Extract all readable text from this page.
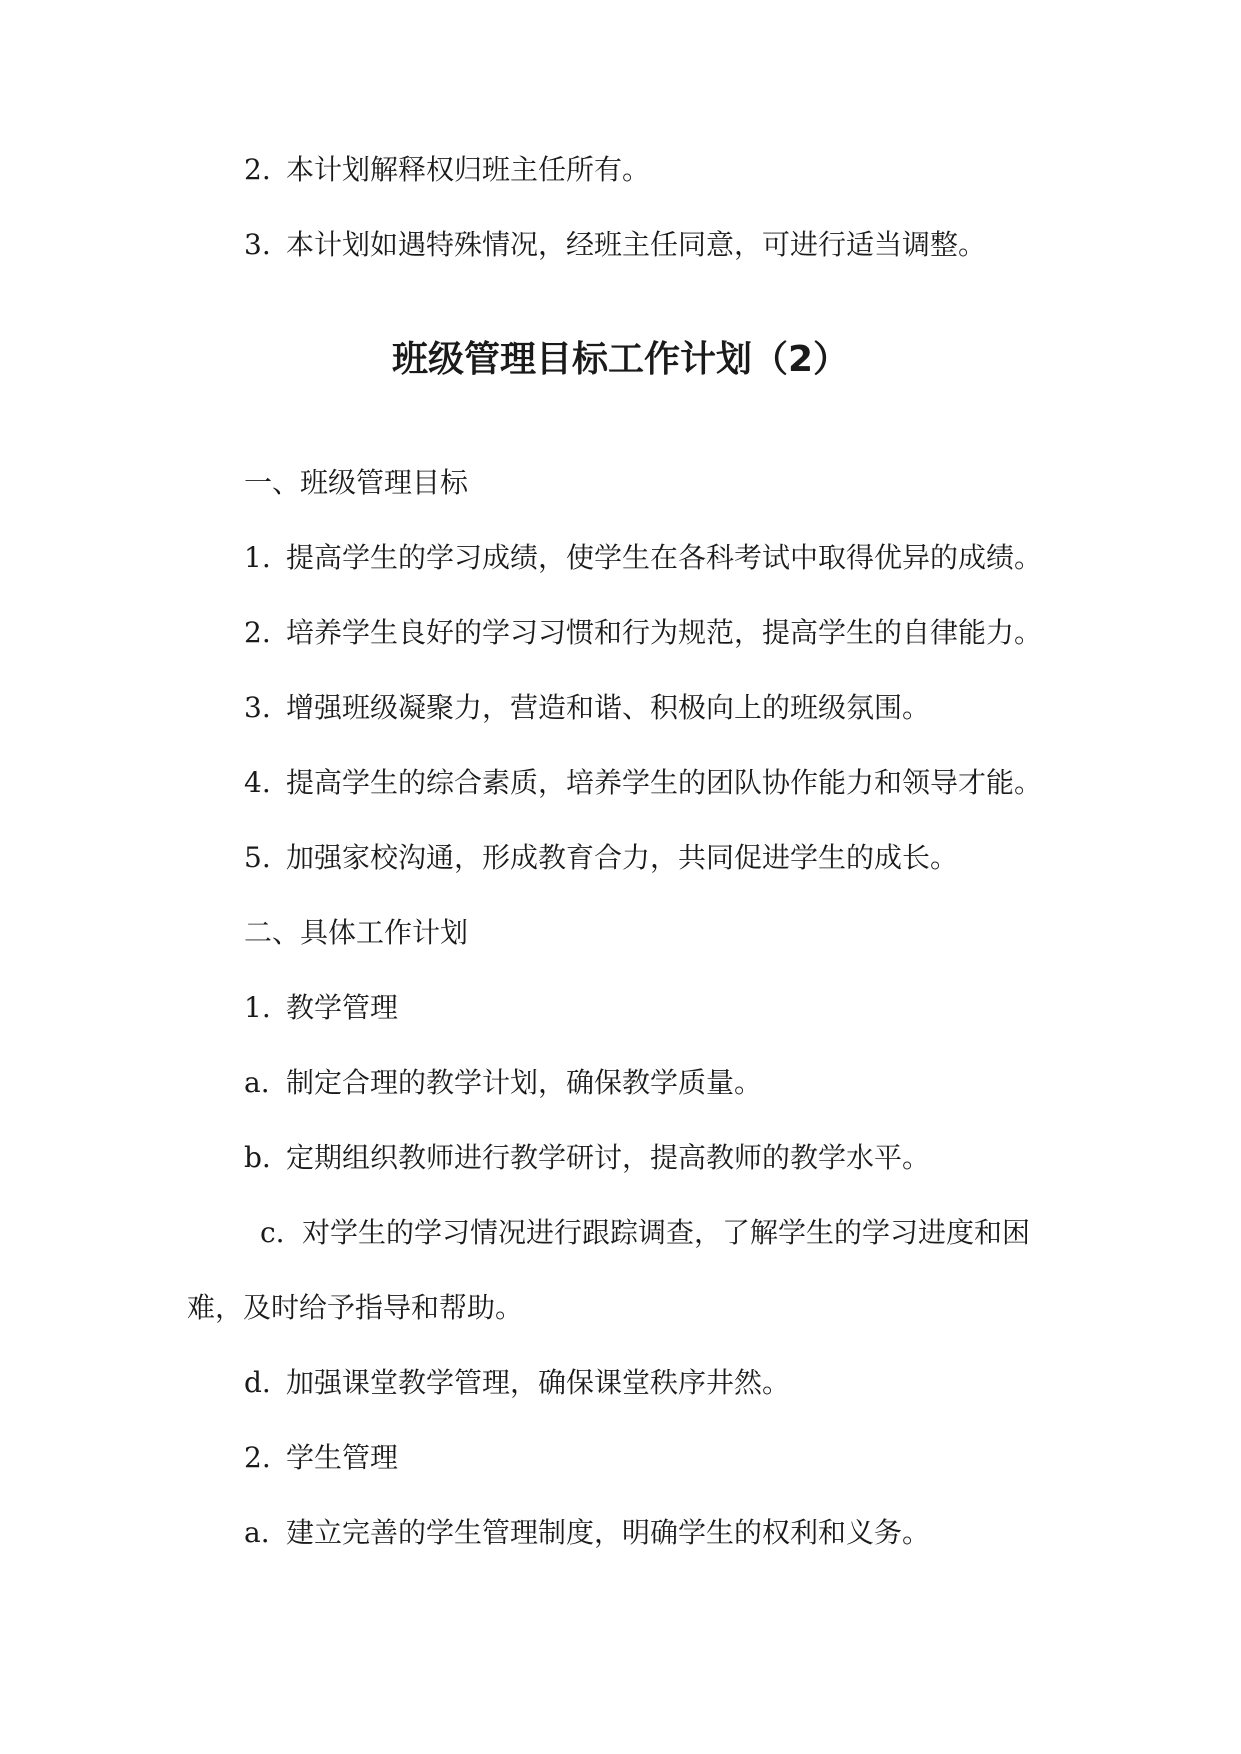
2. 本计划解释权归班主任所有。
3. 本计划如遇特殊情况，经班主任同意，可进行适当调整。
班级管理目标工作计划（2）
一、班级管理目标
1. 提高学生的学习成绩，使学生在各科考试中取得优异的成绩。
2. 培养学生良好的学习习惯和行为规范，提高学生的自律能力。
3. 增强班级凝聚力，营造和谐、积极向上的班级氛围。
4. 提高学生的综合素质，培养学生的团队协作能力和领导才能。
5. 加强家校沟通，形成教育合力，共同促进学生的成长。
二、具体工作计划
1. 教学管理
a. 制定合理的教学计划，确保教学质量。
b. 定期组织教师进行教学研讨，提高教师的教学水平。
c. 对学生的学习情况进行跟踪调查，了解学生的学习进度和困
难，及时给予指导和帮助。
d. 加强课堂教学管理，确保课堂秩序井然。
2. 学生管理
a. 建立完善的学生管理制度，明确学生的权利和义务。
